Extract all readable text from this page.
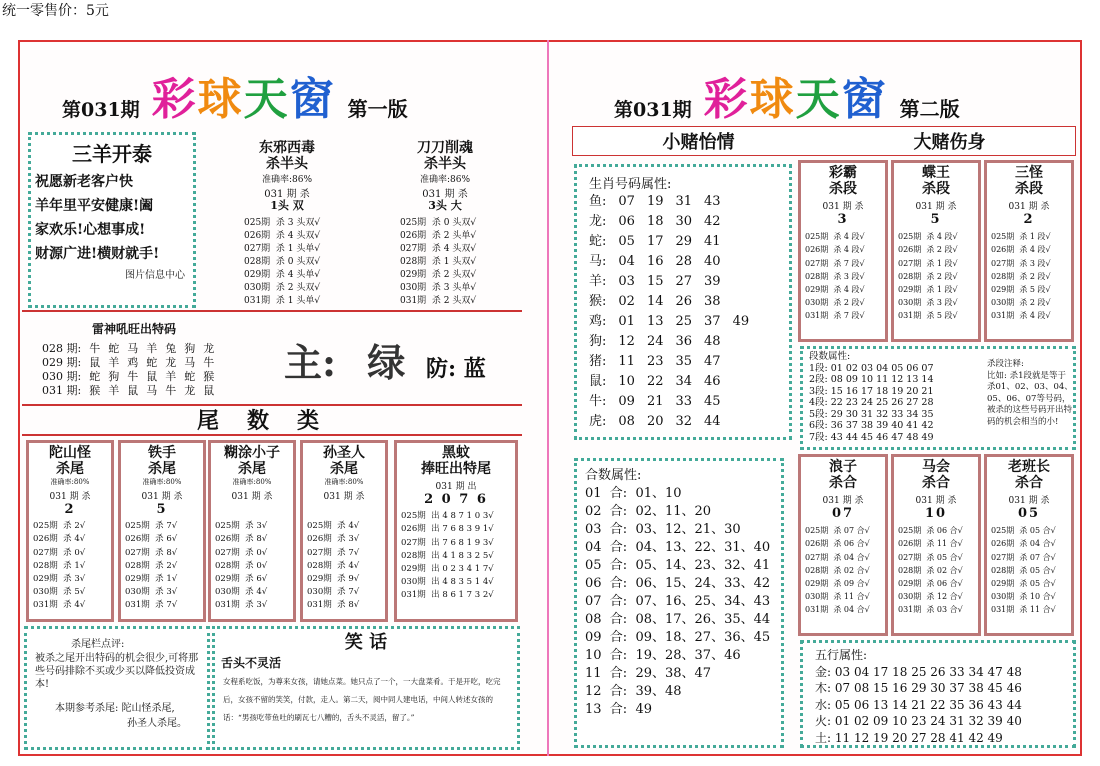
统一零售价：5元
第031期 彩球天窗 第一版
三羊开泰
祝愿新老客户快
羊年里平安健康!阖
家欢乐!心想事成!
财源广进!横财就手!
图片信息中心
东邪西毒
杀半头
准确率:86%
031 期 杀
1头 双
025期  杀 3 头双√
026期  杀 4 头双√
027期  杀 1 头单√
028期  杀 0 头双√
029期  杀 4 头单√
030期  杀 2 头双√
031期  杀 1 头单√
刀刀削魂
杀半头
准确率:86%
031 期 杀
3头 大
025期  杀 0 头双√
026期  杀 2 头单√
027期  杀 4 头双√
028期  杀 1 头双√
029期  杀 2 头双√
030期  杀 3 头单√
031期  杀 2 头双√
雷神吼旺出特码
028 期:	牛	蛇	马	羊	兔	狗	龙
029 期:	鼠	羊	鸡	蛇	龙	马	牛
030 期:	蛇	狗	牛	鼠	羊	蛇	猴
031 期:	猴	羊	鼠	马	牛	龙	鼠
主: 绿 防: 蓝
尾数类
陀山怪
杀尾
准确率:80%
031 期 杀
2
025期  杀 2√
026期  杀 4√
027期  杀 0√
028期  杀 1√
029期  杀 3√
030期  杀 5√
031期  杀 4√
铁手
杀尾
准确率:80%
031 期 杀
5
025期  杀 7√
026期  杀 6√
027期  杀 8√
028期  杀 2√
029期  杀 1√
030期  杀 3√
031期  杀 7√
糊涂小子
杀尾
准确率:80%
031 期 杀
025期  杀 3√
026期  杀 8√
027期  杀 0√
028期  杀 0√
029期  杀 6√
030期  杀 4√
031期  杀 3√
孙圣人
杀尾
准确率:80%
031 期 杀
025期  杀 4√
026期  杀 3√
027期  杀 7√
028期  杀 4√
029期  杀 9√
030期  杀 7√
031期  杀 8√
黑蚊
捧旺出特尾
031 期 出
2 0 7 6
025期  出 4 8 7 1 0 3√
026期  出 7 6 8 3 9 1√
027期  出 7 6 8 1 9 3√
028期  出 4 1 8 3 2 5√
029期  出 0 2 3 4 1 7√
030期  出 4 8 3 5 1 4√
031期  出 8 6 1 7 3 2√
杀尾栏点评:
被杀之尾开出特码的机会很少,可将那些号码排除不买或少买以降低投资成本!
本期参考杀尾: 陀山怪杀尾,
孙圣人杀尾。
笑 话
舌头不灵活
女程系吃饭，为尊来女孩，请她点菜。她只点了一个，一大盘菜肴。于是开吃，吃完后，女孩不留的笑笑，付款，走人。第二天，阅中同人建电话，中间人转述女孩的话：“男孩吃带鱼吐的刷瓦七八糟的，舌头不灵活，留了。”
第031期 彩球天窗 第二版
小赌怡情	大赌伤身
生肖号码属性:
鱼:	07	19	31	43	
龙:	06	18	30	42	
蛇:	05	17	29	41	
马:	04	16	28	40	
羊:	03	15	27	39	
猴:	02	14	26	38	
鸡:	01	13	25	37	49
狗:	12	24	36	48	
猪:	11	23	35	47	
鼠:	10	22	34	46	
牛:	09	21	33	45	
虎:	08	20	32	44	
彩霸
杀段
031 期 杀
3
025期  杀 4 段√
026期  杀 4 段√
027期  杀 7 段√
028期  杀 3 段√
029期  杀 4 段√
030期  杀 2 段√
031期  杀 7 段√
蝶王
杀段
031 期 杀
5
025期  杀 4 段√
026期  杀 2 段√
027期  杀 1 段√
028期  杀 2 段√
029期  杀 1 段√
030期  杀 3 段√
031期  杀 5 段√
三怪
杀段
031 期 杀
2
025期  杀 1 段√
026期  杀 4 段√
027期  杀 3 段√
028期  杀 2 段√
029期  杀 5 段√
030期  杀 2 段√
031期  杀 4 段√
段数属性:
1段: 01 02 03 04 05 06 07
2段: 08 09 10 11 12 13 14
3段: 15 16 17 18 19 20 21
4段: 22 23 24 25 26 27 28
5段: 29 30 31 32 33 34 35
6段: 36 37 38 39 40 41 42
7段: 43 44 45 46 47 48 49
杀段注释:
比如: 杀1段就是等于杀01、02、03、04、05、06、07等号码，被杀的这些号码开出特码的机会相当的小!
合数属性:
01  合:  01、10
02  合:  02、11、20
03  合:  03、12、21、30
04  合:  04、13、22、31、40
05  合:  05、14、23、32、41
06  合:  06、15、24、33、42
07  合:  07、16、25、34、43
08  合:  08、17、26、35、44
09  合:  09、18、27、36、45
10  合:  19、28、37、46
11  合:  29、38、47
12  合:  39、48
13  合:  49
浪子
杀合
031 期 杀
07
025期  杀 07 合√
026期  杀 06 合√
027期  杀 04 合√
028期  杀 02 合√
029期  杀 09 合√
030期  杀 11 合√
031期  杀 04 合√
马会
杀合
031 期 杀
10
025期  杀 06 合√
026期  杀 11 合√
027期  杀 05 合√
028期  杀 02 合√
029期  杀 06 合√
030期  杀 12 合√
031期  杀 03 合√
老班长
杀合
031 期 杀
05
025期  杀 05 合√
026期  杀 04 合√
027期  杀 07 合√
028期  杀 05 合√
029期  杀 05 合√
030期  杀 10 合√
031期  杀 11 合√
五行属性:
金: 03 04 17 18 25 26 33 34 47 48
木: 07 08 15 16 29 30 37 38 45 46
水: 05 06 13 14 21 22 35 36 43 44
火: 01 02 09 10 23 24 31 32 39 40
土: 11 12 19 20 27 28 41 42 49
